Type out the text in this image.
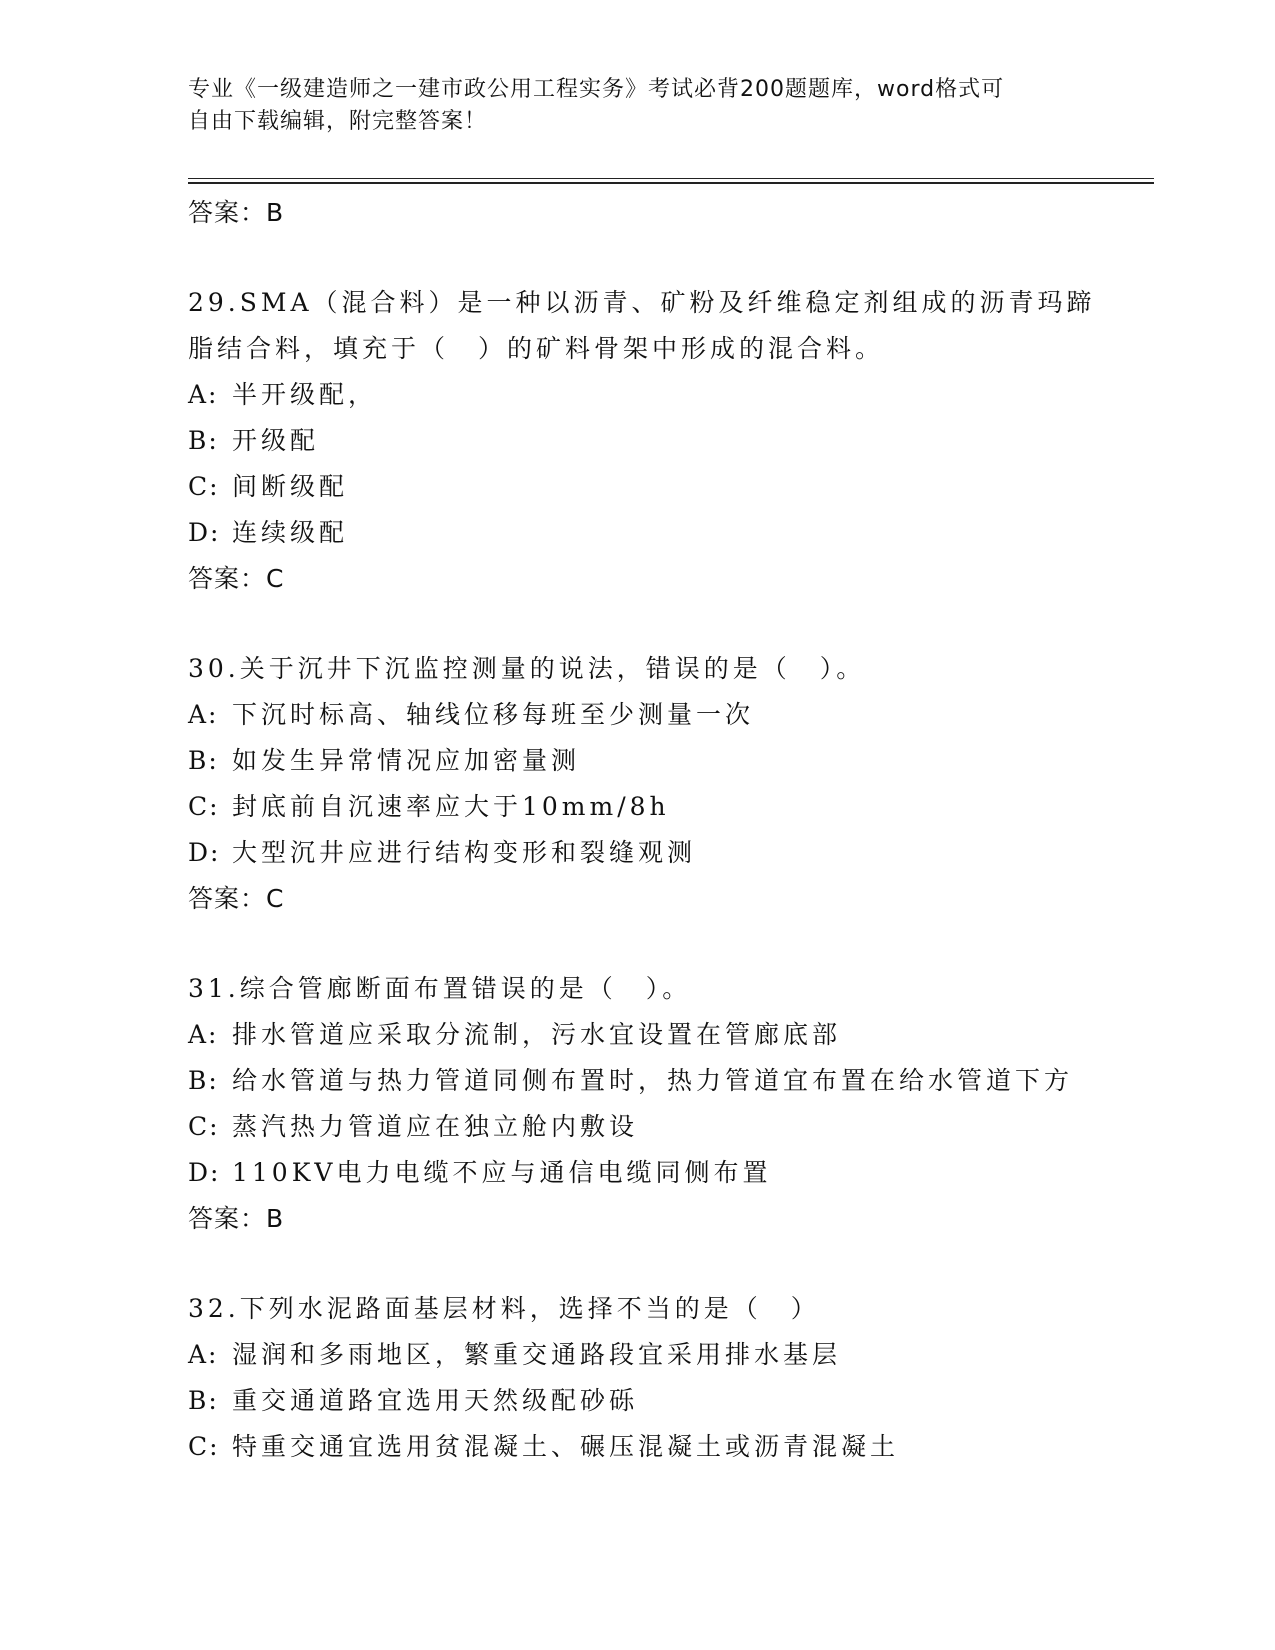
专业《一级建造师之一建市政公用工程实务》考试必背200题题库，word格式可
自由下载编辑，附完整答案！
答案：B
29.SMA（混合料）是一种以沥青、矿粉及纤维稳定剂组成的沥青玛蹄
脂结合料，填充于（　）的矿料骨架中形成的混合料。
A: 半开级配，
B: 开级配
C: 间断级配
D: 连续级配
答案：C
30.关于沉井下沉监控测量的说法，错误的是（　）。
A: 下沉时标高、轴线位移每班至少测量一次
B: 如发生异常情况应加密量测
C: 封底前自沉速率应大于10mm/8h
D: 大型沉井应进行结构变形和裂缝观测
答案：C
31.综合管廊断面布置错误的是（　）。
A: 排水管道应采取分流制，污水宜设置在管廊底部
B: 给水管道与热力管道同侧布置时，热力管道宜布置在给水管道下方
C: 蒸汽热力管道应在独立舱内敷设
D: 110KV电力电缆不应与通信电缆同侧布置
答案：B
32.下列水泥路面基层材料，选择不当的是（　）
A: 湿润和多雨地区，繁重交通路段宜采用排水基层
B: 重交通道路宜选用天然级配砂砾
C: 特重交通宜选用贫混凝土、碾压混凝土或沥青混凝土
